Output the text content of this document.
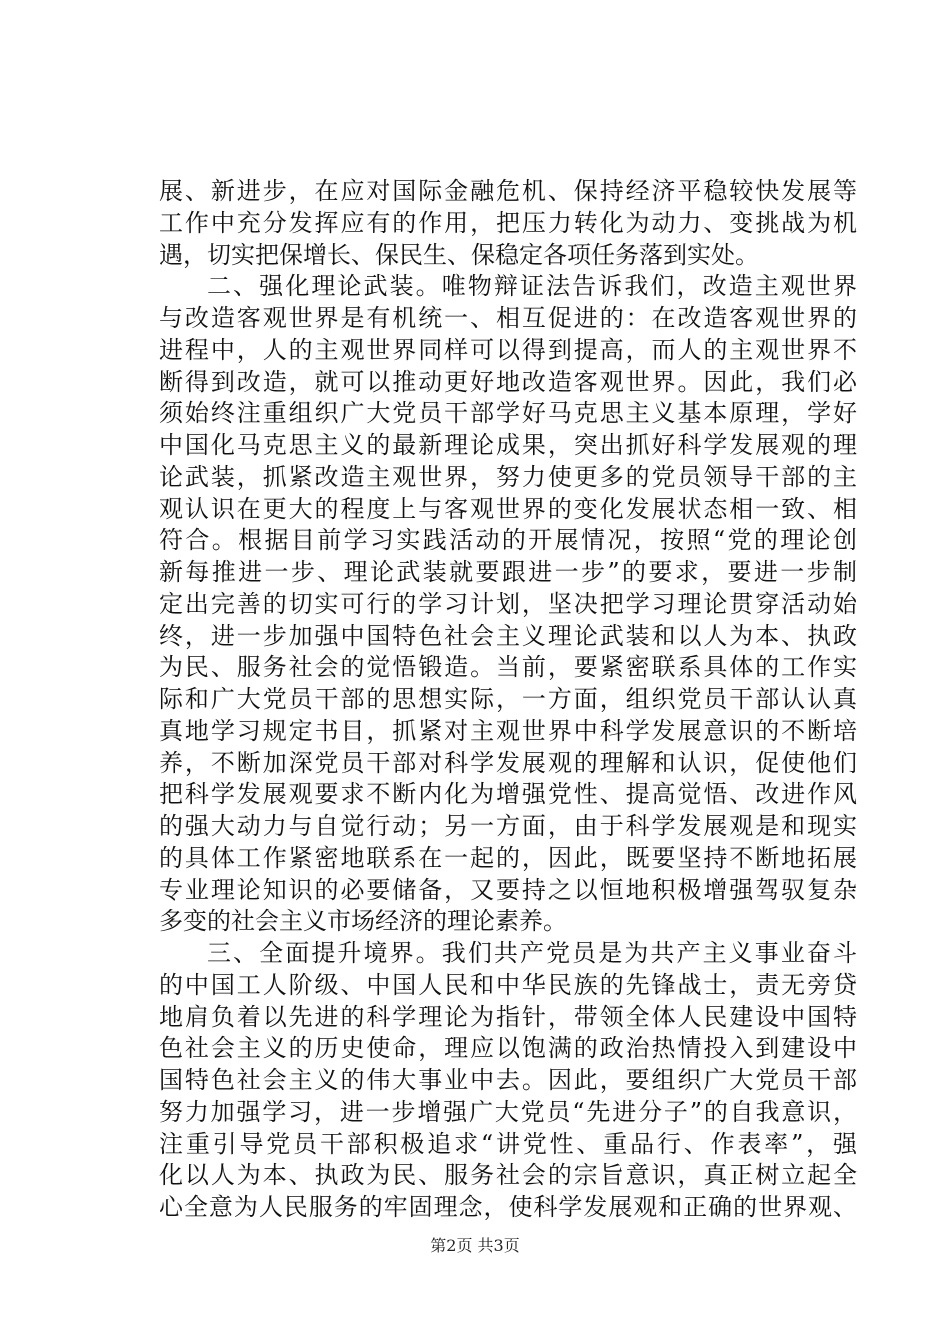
展、新进步，在应对国际金融危机、保持经济平稳较快发展等
工作中充分发挥应有的作用，把压力转化为动力、变挑战为机
遇，切实把保增长、保民生、保稳定各项任务落到实处。
二、强化理论武装。唯物辩证法告诉我们，改造主观世界
与改造客观世界是有机统一、相互促进的：在改造客观世界的
进程中，人的主观世界同样可以得到提高，而人的主观世界不
断得到改造，就可以推动更好地改造客观世界。因此，我们必
须始终注重组织广大党员干部学好马克思主义基本原理，学好
中国化马克思主义的最新理论成果，突出抓好科学发展观的理
论武装，抓紧改造主观世界，努力使更多的党员领导干部的主
观认识在更大的程度上与客观世界的变化发展状态相一致、相
符合。根据目前学习实践活动的开展情况，按照“党的理论创
新每推进一步、理论武装就要跟进一步”的要求，要进一步制
定出完善的切实可行的学习计划，坚决把学习理论贯穿活动始
终，进一步加强中国特色社会主义理论武装和以人为本、执政
为民、服务社会的觉悟锻造。当前，要紧密联系具体的工作实
际和广大党员干部的思想实际，一方面，组织党员干部认认真
真地学习规定书目，抓紧对主观世界中科学发展意识的不断培
养，不断加深党员干部对科学发展观的理解和认识，促使他们
把科学发展观要求不断内化为增强党性、提高觉悟、改进作风
的强大动力与自觉行动；另一方面，由于科学发展观是和现实
的具体工作紧密地联系在一起的，因此，既要坚持不断地拓展
专业理论知识的必要储备，又要持之以恒地积极增强驾驭复杂
多变的社会主义市场经济的理论素养。
三、全面提升境界。我们共产党员是为共产主义事业奋斗
的中国工人阶级、中国人民和中华民族的先锋战士，责无旁贷
地肩负着以先进的科学理论为指针，带领全体人民建设中国特
色社会主义的历史使命，理应以饱满的政治热情投入到建设中
国特色社会主义的伟大事业中去。因此，要组织广大党员干部
努力加强学习，进一步增强广大党员“先进分子”的自我意识，
注重引导党员干部积极追求“讲党性、重品行、作表率”，强
化以人为本、执政为民、服务社会的宗旨意识，真正树立起全
心全意为人民服务的牢固理念，使科学发展观和正确的世界观、
第2页 共3页
